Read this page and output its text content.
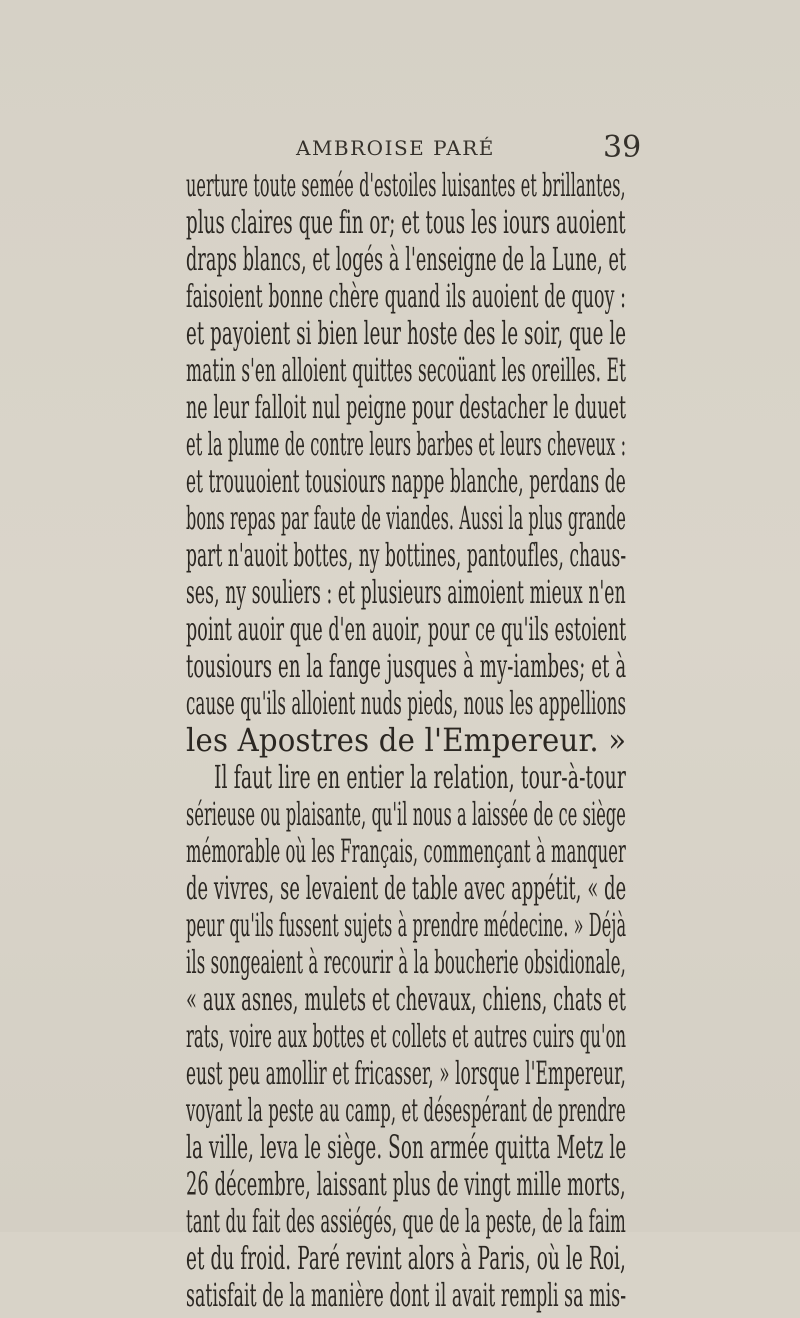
AMBROISE PARÉ	39
uerture toute semée d'estoiles luisantes et brillantes,
plus claires que fin or; et tous les iours auoient
draps blancs, et logés à l'enseigne de la Lune, et
faisoient bonne chère quand ils auoient de quoy :
et payoient si bien leur hoste des le soir, que le
matin s'en alloient quittes secoüant les oreilles. Et
ne leur falloit nul peigne pour destacher le duuet
et la plume de contre leurs barbes et leurs cheveux :
et trouuoient tousiours nappe blanche, perdans de
bons repas par faute de viandes. Aussi la plus grande
part n'auoit bottes, ny bottines, pantoufles, chaus-
ses, ny souliers : et plusieurs aimoient mieux n'en
point auoir que d'en auoir, pour ce qu'ils estoient
tousiours en la fange jusques à my-iambes; et à
cause qu'ils alloient nuds pieds, nous les appellions
les Apostres de l'Empereur. »
Il faut lire en entier la relation, tour-à-tour
sérieuse ou plaisante, qu'il nous a laissée de ce siège
mémorable où les Français, commençant à manquer
de vivres, se levaient de table avec appétit, « de
peur qu'ils fussent sujets à prendre médecine. » Déjà
ils songeaient à recourir à la boucherie obsidionale,
« aux asnes, mulets et chevaux, chiens, chats et
rats, voire aux bottes et collets et autres cuirs qu'on
eust peu amollir et fricasser, » lorsque l'Empereur,
voyant la peste au camp, et désespérant de prendre
la ville, leva le siège. Son armée quitta Metz le
26 décembre, laissant plus de vingt mille morts,
tant du fait des assiégés, que de la peste, de la faim
et du froid. Paré revint alors à Paris, où le Roi,
satisfait de la manière dont il avait rempli sa mis-
